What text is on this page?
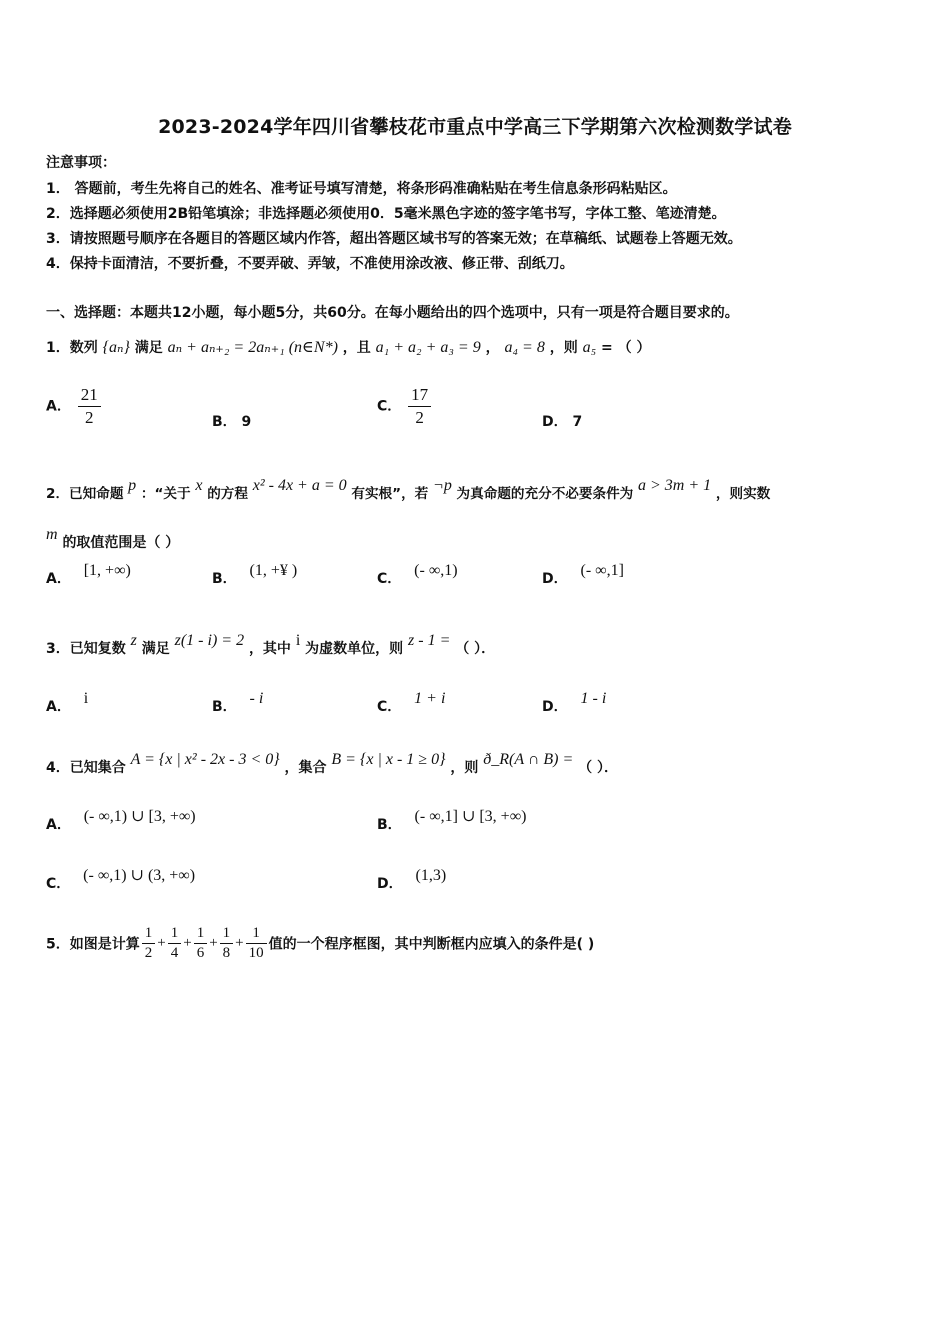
2023-2024学年四川省攀枝花市重点中学高三下学期第六次检测数学试卷
注意事项：
1． 答题前，考生先将自己的姓名、准考证号填写清楚，将条形码准确粘贴在考生信息条形码粘贴区。
2．选择题必须使用2B铅笔填涂；非选择题必须使用0．5毫米黑色字迹的签字笔书写，字体工整、笔迹清楚。
3．请按照题号顺序在各题目的答题区域内作答，超出答题区域书写的答案无效；在草稿纸、试题卷上答题无效。
4．保持卡面清洁，不要折叠，不要弄破、弄皱，不准使用涂改液、修正带、刮纸刀。
一、选择题：本题共12小题，每小题5分，共60分。在每小题给出的四个选项中，只有一项是符合题目要求的。
1．数列 {aₙ} 满足 aₙ + aₙ₊₂ = 2aₙ₊₁ (n∈N*) ，且 a₁ + a₂ + a₃ = 9 ， a₄ = 8 ，则 a₅ = （ ）
A． $\frac{21}{2}$	B． 9
C． $\frac{17}{2}$	D． 7
2．已知命题 p ：“关于 x 的方程 x² - 4x + a = 0 有实根”，若 ¬p 为真命题的充分不必要条件为 a > 3m + 1 ，则实数
m 的取值范围是（ ）
A． [1, +∞)	B． (1, +¥ )	C． (- ∞,1)	D． (- ∞,1]
3．已知复数 z 满足 z(1 - i) = 2 ，其中 i 为虚数单位，则 z - 1 = （ ）．
A． i	B． - i	C． 1 + i	D． 1 - i
4．已知集合 A = {x | x² - 2x - 3 < 0} ，集合 B = {x | x - 1 ≥ 0} ，则 ð_R(A ∩ B) = （ ）．
A． (- ∞,1) ∪ [3, +∞)	B． (- ∞,1] ∪ [3, +∞)
C． (- ∞,1) ∪ (3, +∞)	D． (1,3)
5．如图是计算 $\frac{1}{2} + \frac{1}{4} + \frac{1}{6} + \frac{1}{8} + \frac{1}{10}$ 值的一个程序框图，其中判断框内应填入的条件是( )
